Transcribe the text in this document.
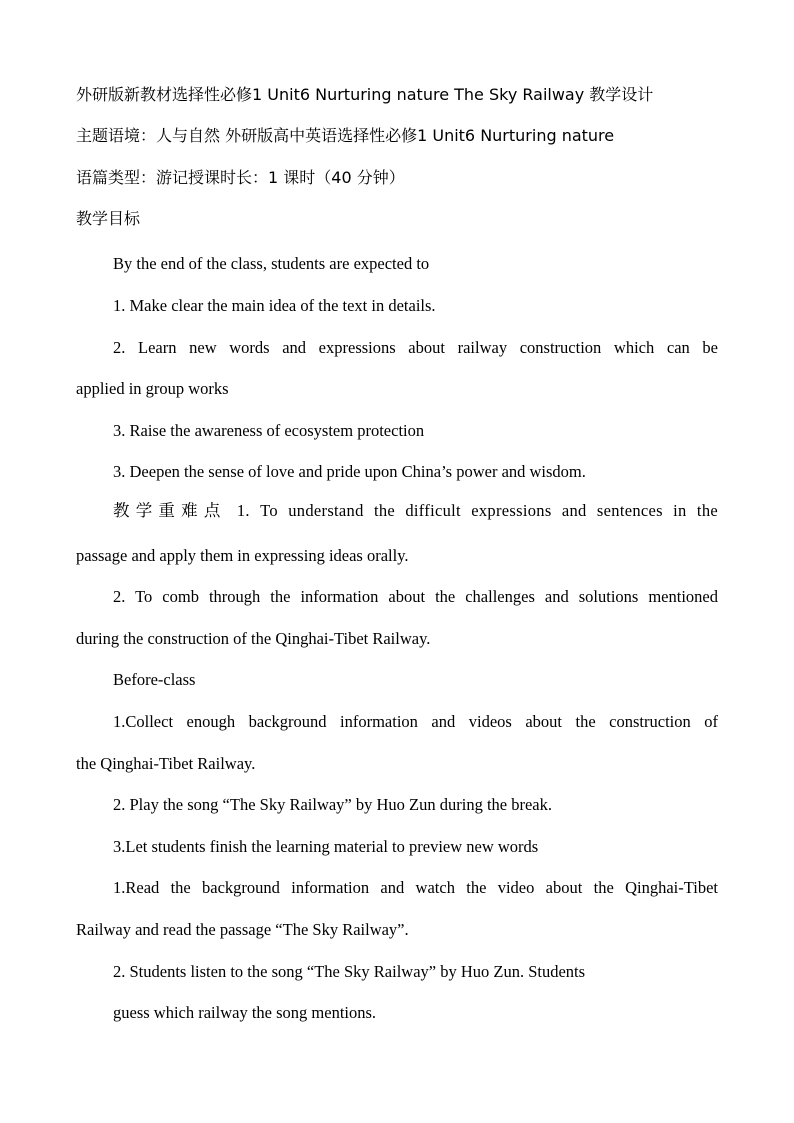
外研版新教材选择性必修1 Unit6 Nurturing nature The Sky Railway 教学设计
主题语境：人与自然 外研版高中英语选择性必修1 Unit6 Nurturing nature
语篇类型：游记授课时长：1 课时（40 分钟）
教学目标
By the end of the class, students are expected to
1. Make clear the main idea of the text in details.
2. Learn new words and expressions about railway construction which can be
applied in group works
3. Raise the awareness of ecosystem protection
3. Deepen the sense of love and pride upon China’s power and wisdom.
教学重难点 1. To understand the difficult expressions and sentences in the
passage and apply them in expressing ideas orally.
2. To comb through the information about the challenges and solutions mentioned
during the construction of the Qinghai-Tibet Railway.
Before-class
1.Collect enough background information and videos about the construction of
the Qinghai-Tibet Railway.
2. Play the song “The Sky Railway” by Huo Zun during the break.
3.Let students finish the learning material to preview new words
1.Read the background information and watch the video about the Qinghai-Tibet
Railway and read the passage “The Sky Railway”.
2. Students listen to the song “The Sky Railway” by Huo Zun. Students
guess which railway the song mentions.
